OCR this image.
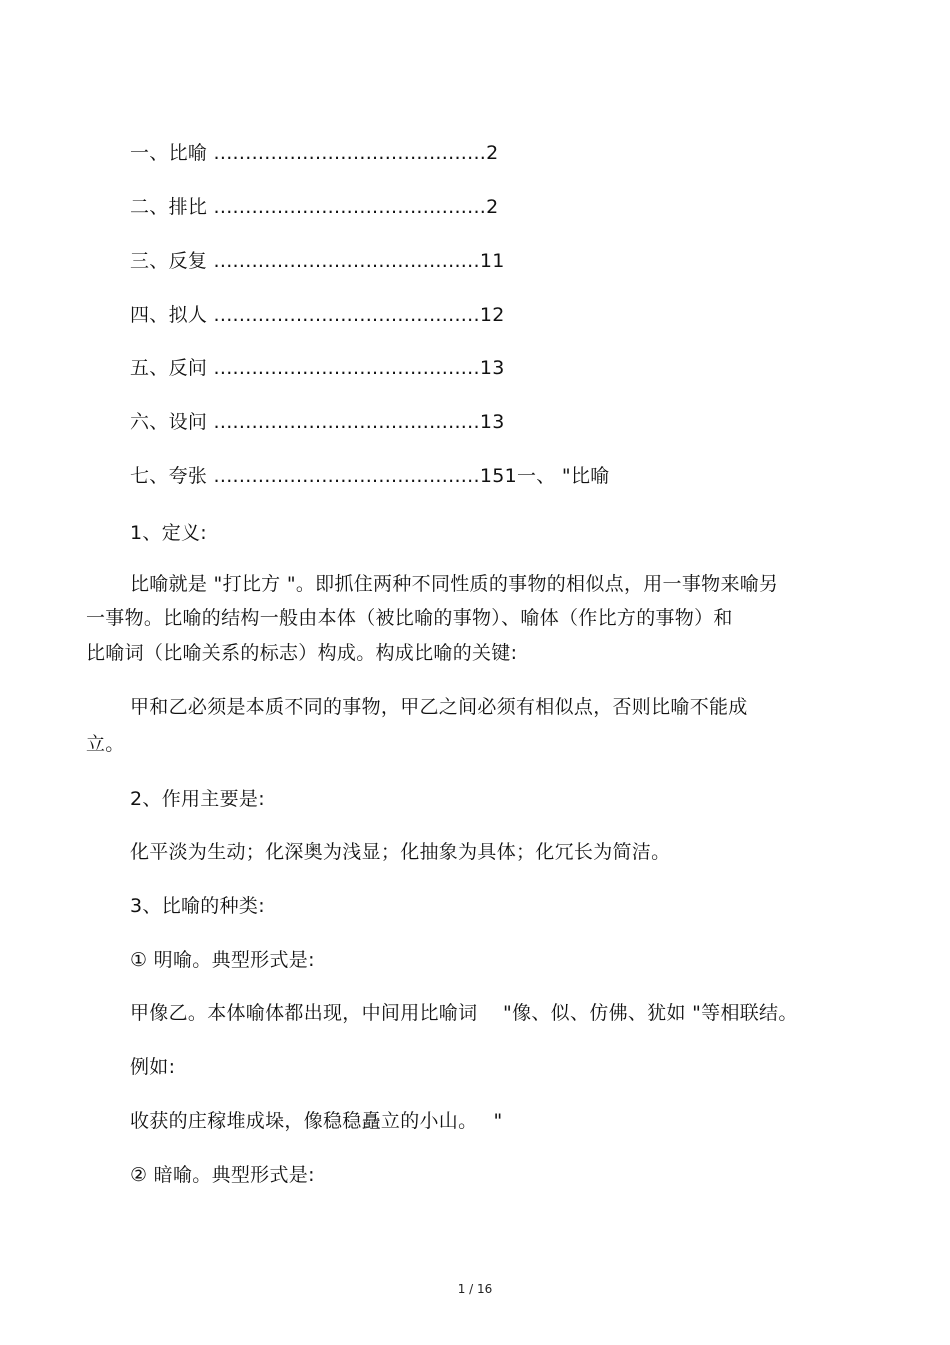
一、比喻 ...........................................2
二、排比 ...........................................2
三、反复 ..........................................11
四、拟人 ..........................................12
五、反问 ..........................................13
六、设问 ..........................................13
七、夸张 ..........................................151一、 "比喻
1、定义:
比喻就是 "打比方 "。即抓住两种不同性质的事物的相似点，用一事物来喻另
一事物。比喻的结构一般由本体（被比喻的事物）、喻体（作比方的事物）和
比喻词（比喻关系的标志）构成。构成比喻的关键:
甲和乙必须是本质不同的事物，甲乙之间必须有相似点，否则比喻不能成
立。
2、作用主要是:
化平淡为生动；化深奥为浅显；化抽象为具体；化冗长为简洁。
3、比喻的种类:
① 明喻。典型形式是:
甲像乙。本体喻体都出现，中间用比喻词　 "像、似、仿佛、犹如 "等相联结。
例如:
收获的庄稼堆成垛，像稳稳矗立的小山。　 "
② 暗喻。典型形式是:
1 / 16
